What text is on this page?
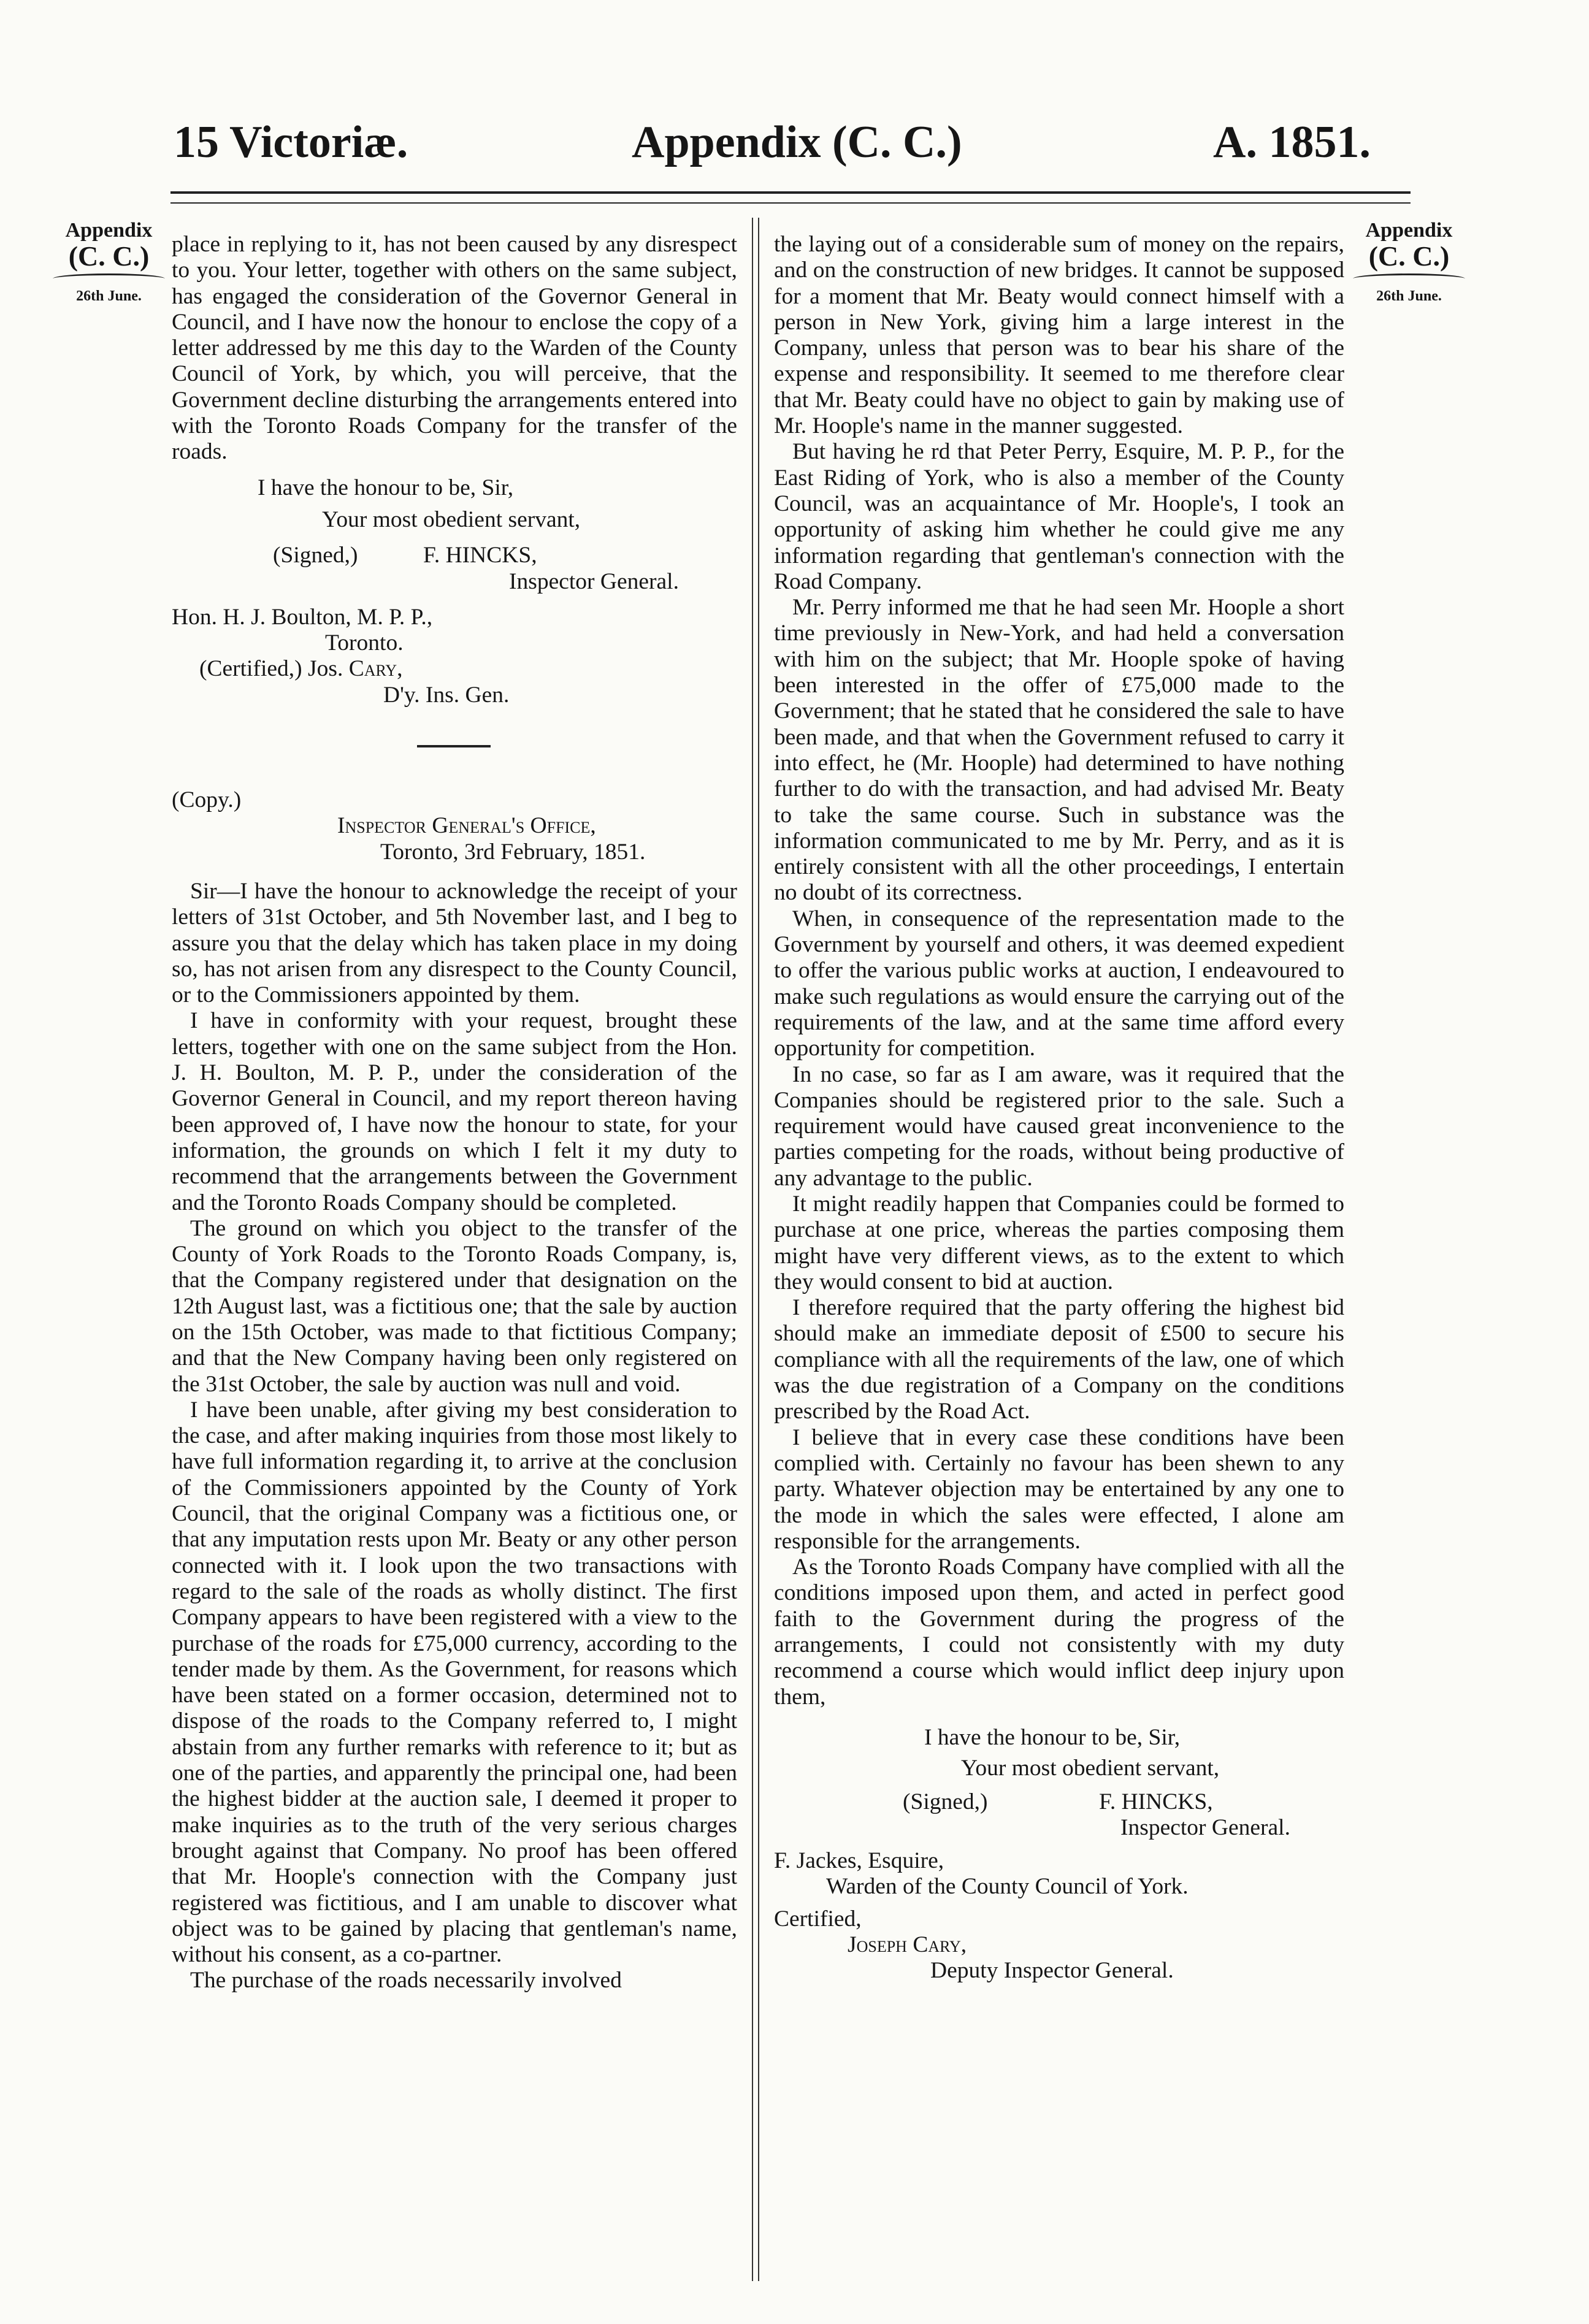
15 Victoriæ.	Appendix (C. C.)	A. 1851.
Appendix
(C. C.)
26th June.
Appendix
(C. C.)
26th June.

place in replying to it, has not been caused by any disrespect to you. Your letter, together with others on the same subject, has engaged the consideration of the Governor General in Council, and I have now the honour to enclose the copy of a letter addressed by me this day to the Warden of the County Council of York, by which, you will perceive, that the Government decline disturbing the arrangements entered into with the Toronto Roads Company for the transfer of the roads.

I have the honour to be, Sir,

Your most obedient servant,

(Signed,)	F. HINCKS,

Inspector General.

Hon. H. J. Boulton, M. P. P.,

Toronto.

(Certified,) Jos. Cary,

D'y. Ins. Gen.

(Copy.)

Inspector General's Office,

Toronto, 3rd February, 1851.

Sir—I have the honour to acknowledge the receipt of your letters of 31st October, and 5th November last, and I beg to assure you that the delay which has taken place in my doing so, has not arisen from any disrespect to the County Council, or to the Commissioners appointed by them.

I have in conformity with your request, brought these letters, together with one on the same subject from the Hon. J. H. Boulton, M. P. P., under the consideration of the Governor General in Council, and my report thereon having been approved of, I have now the honour to state, for your information, the grounds on which I felt it my duty to recommend that the arrangements between the Government and the Toronto Roads Company should be completed.

The ground on which you object to the transfer of the County of York Roads to the Toronto Roads Company, is, that the Company registered under that designation on the 12th August last, was a fictitious one; that the sale by auction on the 15th October, was made to that fictitious Company; and that the New Company having been only registered on the 31st October, the sale by auction was null and void.

I have been unable, after giving my best consideration to the case, and after making inquiries from those most likely to have full information regarding it, to arrive at the conclusion of the Commissioners appointed by the County of York Council, that the original Company was a fictitious one, or that any imputation rests upon Mr. Beaty or any other person connected with it. I look upon the two transactions with regard to the sale of the roads as wholly distinct. The first Company appears to have been registered with a view to the purchase of the roads for £75,000 currency, according to the tender made by them. As the Government, for reasons which have been stated on a former occasion, determined not to dispose of the roads to the Company referred to, I might abstain from any further remarks with reference to it; but as one of the parties, and apparently the principal one, had been the highest bidder at the auction sale, I deemed it proper to make inquiries as to the truth of the very serious charges brought against that Company. No proof has been offered that Mr. Hoople's connection with the Company just registered was fictitious, and I am unable to discover what object was to be gained by placing that gentleman's name, without his consent, as a co-partner.

The purchase of the roads necessarily involved

the laying out of a considerable sum of money on the repairs, and on the construction of new bridges. It cannot be supposed for a moment that Mr. Beaty would connect himself with a person in New York, giving him a large interest in the Company, unless that person was to bear his share of the expense and responsibility. It seemed to me therefore clear that Mr. Beaty could have no object to gain by making use of Mr. Hoople's name in the manner suggested.

But having he rd that Peter Perry, Esquire, M. P. P., for the East Riding of York, who is also a member of the County Council, was an acquaintance of Mr. Hoople's, I took an opportunity of asking him whether he could give me any information regarding that gentleman's connection with the Road Company.

Mr. Perry informed me that he had seen Mr. Hoople a short time previously in New-York, and had held a conversation with him on the subject; that Mr. Hoople spoke of having been interested in the offer of £75,000 made to the Government; that he stated that he considered the sale to have been made, and that when the Government refused to carry it into effect, he (Mr. Hoople) had determined to have nothing further to do with the transaction, and had advised Mr. Beaty to take the same course. Such in substance was the information communicated to me by Mr. Perry, and as it is entirely consistent with all the other proceedings, I entertain no doubt of its correctness.

When, in consequence of the representation made to the Government by yourself and others, it was deemed expedient to offer the various public works at auction, I endeavoured to make such regulations as would ensure the carrying out of the requirements of the law, and at the same time afford every opportunity for competition.

In no case, so far as I am aware, was it required that the Companies should be registered prior to the sale. Such a requirement would have caused great inconvenience to the parties competing for the roads, without being productive of any advantage to the public.

It might readily happen that Companies could be formed to purchase at one price, whereas the parties composing them might have very different views, as to the extent to which they would consent to bid at auction.

I therefore required that the party offering the highest bid should make an immediate deposit of £500 to secure his compliance with all the requirements of the law, one of which was the due registration of a Company on the conditions prescribed by the Road Act.

I believe that in every case these conditions have been complied with. Certainly no favour has been shewn to any party. Whatever objection may be entertained by any one to the mode in which the sales were effected, I alone am responsible for the arrangements.

As the Toronto Roads Company have complied with all the conditions imposed upon them, and acted in perfect good faith to the Government during the progress of the arrangements, I could not consistently with my duty recommend a course which would inflict deep injury upon them,

I have the honour to be, Sir,

Your most obedient servant,

(Signed,)	F. HINCKS,

Inspector General.

F. Jackes, Esquire,

Warden of the County Council of York.

Certified,

Joseph Cary,

Deputy Inspector General.
